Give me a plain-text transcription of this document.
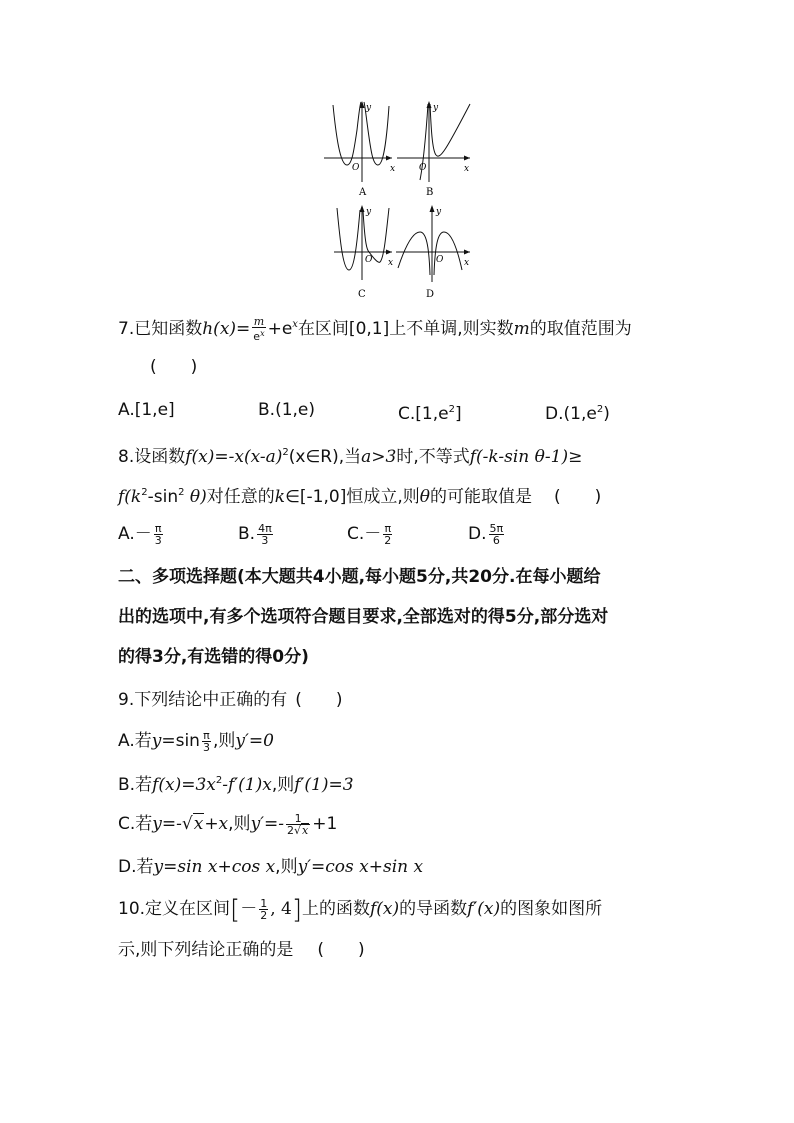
y
x
O
y
x
O
y
x
O
y
x
O
A	B
C	D
7.已知函数$h(x)= \frac{m}{e^x} +e^x$在区间[0,1]上不单调,则实数m的取值范围为
(　　)
A.[1,e]	B.(1,e)	$C.[1,e^2]$	$D.(1,e^2)$
8.设函数$f(x)=-x(x-a)^2(x\in R)$,当a>3时,不等式f(-k-sin θ-1)≥
$f(k^2-\sin^2$ θ)对任意的k∈[-1,0]恒成立,则θ的可能取值是 (　　)
$A.- \frac{\pi}{3}$	B. $\frac{4\pi}{3}$	$C.- \frac{\pi}{2}$	D. $\frac{5\pi}{6}$
二、多项选择题(本大题共4小题,每小题5分,共20分.在每小题给
出的选项中,有多个选项符合题目要求,全部选对的得5分,部分选对
的得3分,有选错的得0分)
9.下列结论中正确的有 (　　)
A.若$y=\sin \frac{\pi}{3}$ ,则y′=0
B.若$f(x)=3x^2-f'(1)x$,则f′(1)=3
C.若y=-√x+x,则$y'=- \frac{1}{2√x} +1$
D.若y=sin x+cos x,则y′=cos x+sin x
10.定义在区间[－ $\frac{1}{2}$ , 4]上的函数f(x)的导函数f′(x)的图象如图所
示,则下列结论正确的是 (　　)
